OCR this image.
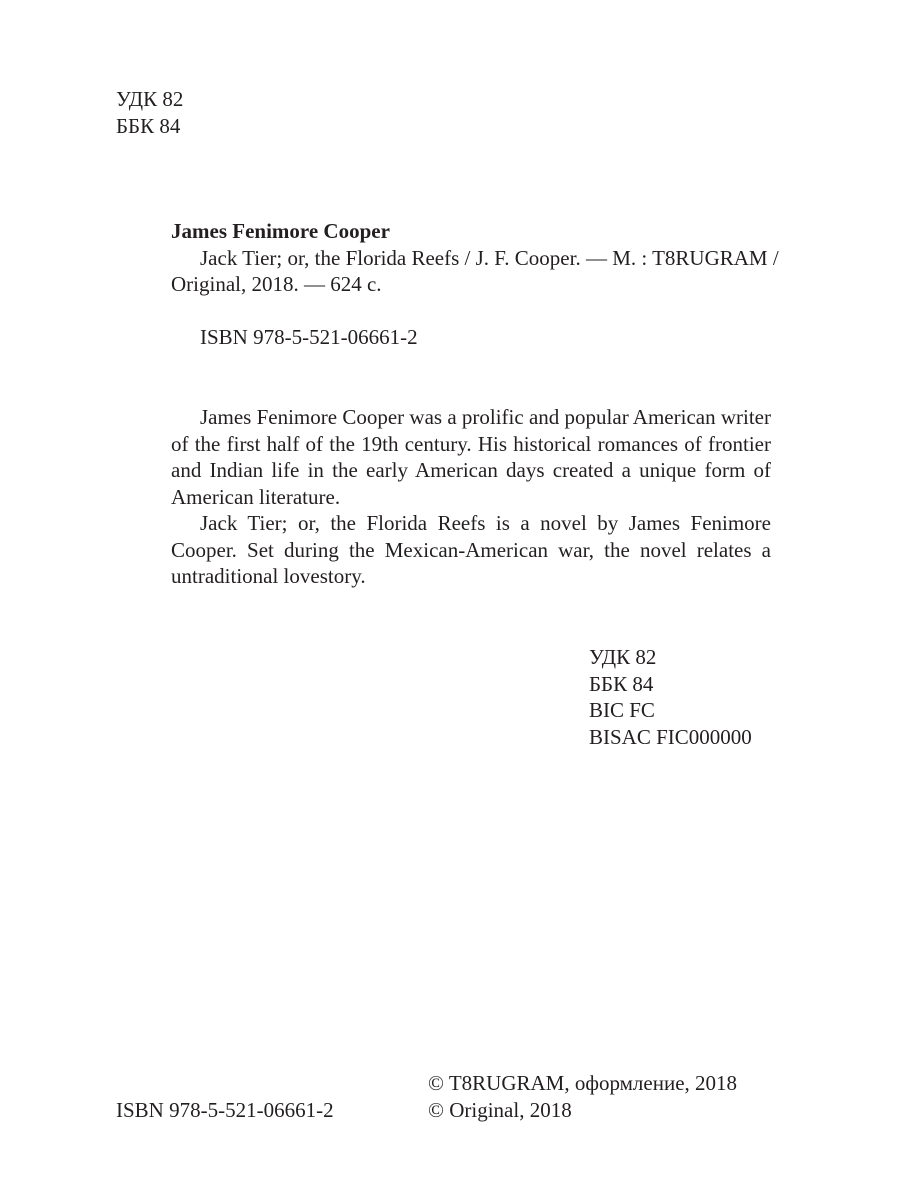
УДК 82
ББК 84
James Fenimore Cooper
Jack Tier; or, the Florida Reefs / J. F. Cooper. — M. : T8RUGRAM /
Original, 2018. — 624 c.
ISBN 978-5-521-06661-2

James Fenimore Cooper was a prolific and popular American writer of the first half of the 19th century. His historical romances of frontier and Indian life in the early American days created a unique form of American literature.

Jack Tier; or, the Florida Reefs is a novel by James Fenimore Cooper. Set during the Mexican-American war, the novel relates a untraditional lovestory.

УДК 82
ББК 84
BIC FC
BISAC FIC000000
ISBN 978-5-521-06661-2
© T8RUGRAM, оформление, 2018
© Original, 2018
